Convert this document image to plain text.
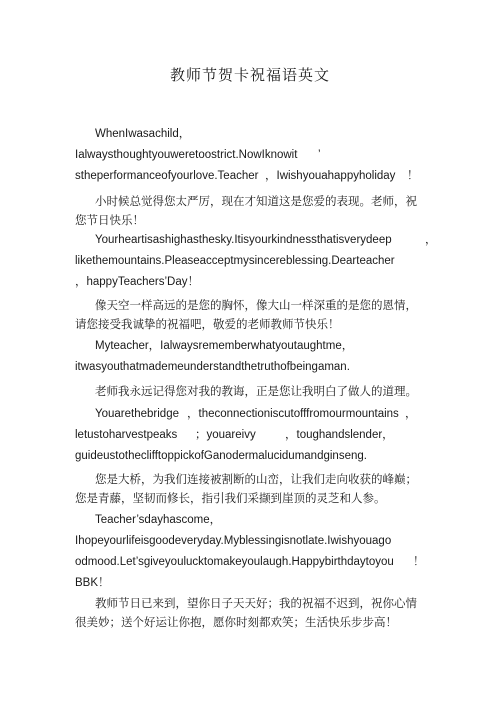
教师节贺卡祝福语英文
WhenIwasachild，
Ialwaysthoughtyouweretoostrict.NowIknowit ’
stheperformanceofyourlove.Teacher ，Iwishyouahappyholiday ！
小时候总觉得您太严厉，现在才知道这是您爱的表现。老师，祝
您节日快乐！
Yourheartisashighasthesky.Itisyourkindnessthatisverydeep	，
likethemountains.Pleaseacceptmysincereblessing.Dearteacher
，happyTeachers’Day！
像天空一样高远的是您的胸怀，像大山一样深重的是您的恩情，
请您接受我诚挚的祝福吧，敬爱的老师教师节快乐！
Myteacher，Ialwaysrememberwhatyoutaughtme，
itwasyouthatmademeunderstandthetruthofbeingaman.
老师我永远记得您对我的教诲，正是您让我明白了做人的道理。
Youarethebridge ，theconnectioniscutofffromourmountains ，
letustoharvestpeaks ；youareivy	，toughandslender，
guideustothecliff​toppickofGanodermalucidumandginseng.
您是大桥，为我们连接被割断的山峦，让我们走向收获的峰巅；
您是青藤，坚韧而修长，指引我们采撷到崖顶的灵芝和人参。
Teacher’sdayhascome，
Ihopeyourlifeisgoodeveryday.Myblessingisnotlate.Iwishyouago
odmood.Let’sgiveyouluck​tomakeyoulaugh.Happybirthdaytoyou ！
BBK！
教师节日已来到，望你日子天天好；我的祝福不迟到，祝你心情
很美妙；送个好运让你抱，愿你时刻都欢笑；生活快乐步步高！
